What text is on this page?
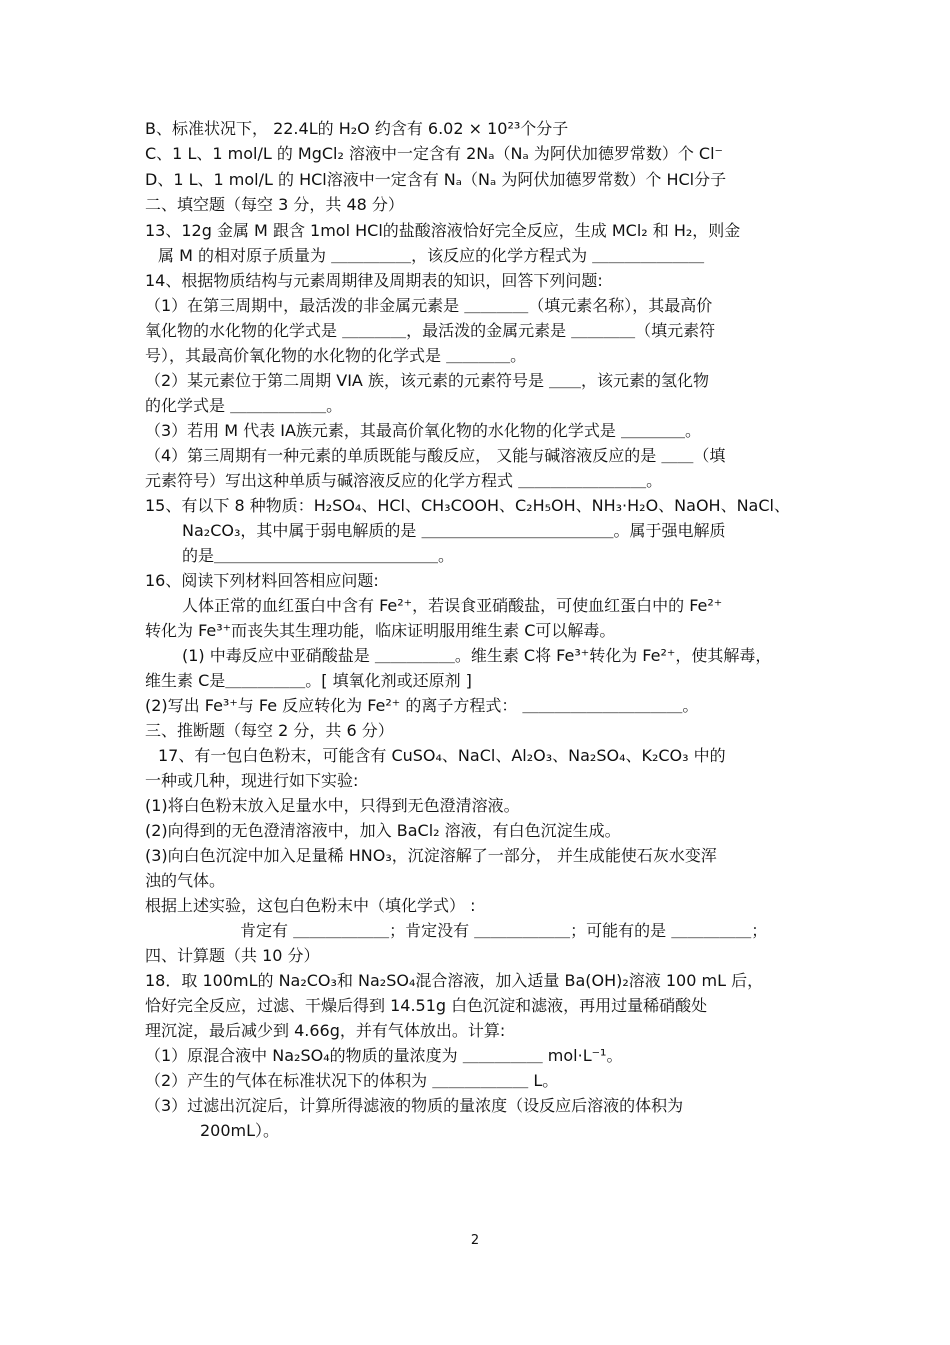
B、标准状况下， 22.4L的 H₂O 约含有 6.02 × 10²³个分子
C、1 L、1 mol/L 的 MgCl₂ 溶液中一定含有 2Nₐ（Nₐ 为阿伏加德罗常数）个 Cl⁻
D、1 L、1 mol/L 的 HCl溶液中一定含有 Nₐ（Nₐ 为阿伏加德罗常数）个 HCl分子
二、填空题（每空 3 分，共 48 分）
13、12g 金属 M 跟含 1mol HCl的盐酸溶液恰好完全反应，生成 MCl₂ 和 H₂，则金
属 M 的相对原子质量为 ＿＿＿＿＿，该反应的化学方程式为 ＿＿＿＿＿＿＿
14、根据物质结构与元素周期律及周期表的知识，回答下列问题:
（1）在第三周期中，最活泼的非金属元素是 ＿＿＿＿（填元素名称），其最高价
氧化物的水化物的化学式是 ＿＿＿＿，最活泼的金属元素是 ＿＿＿＿（填元素符
号），其最高价氧化物的水化物的化学式是 ＿＿＿＿。
（2）某元素位于第二周期 VIA 族，该元素的元素符号是 ＿＿，该元素的氢化物
的化学式是 ＿＿＿＿＿＿。
（3）若用 M 代表 IA族元素，其最高价氧化物的水化物的化学式是 ＿＿＿＿。
（4）第三周期有一种元素的单质既能与酸反应， 又能与碱溶液反应的是 ＿＿（填
元素符号）写出这种单质与碱溶液反应的化学方程式 ＿＿＿＿＿＿＿＿。
15、有以下 8 种物质：H₂SO₄、HCl、CH₃COOH、C₂H₅OH、NH₃·H₂O、NaOH、NaCl、
Na₂CO₃，其中属于弱电解质的是 ＿＿＿＿＿＿＿＿＿＿＿＿。属于强电解质
的是＿＿＿＿＿＿＿＿＿＿＿＿＿＿。
16、阅读下列材料回答相应问题:
人体正常的血红蛋白中含有 Fe²⁺，若误食亚硝酸盐，可使血红蛋白中的 Fe²⁺
转化为 Fe³⁺而丧失其生理功能，临床证明服用维生素 C可以解毒。
(1) 中毒反应中亚硝酸盐是 ＿＿＿＿＿。维生素 C将 Fe³⁺转化为 Fe²⁺，使其解毒，
维生素 C是＿＿＿＿＿。[ 填氧化剂或还原剂 ]
(2)写出 Fe³⁺与 Fe 反应转化为 Fe²⁺ 的离子方程式： ＿＿＿＿＿＿＿＿＿＿。
三、推断题（每空 2 分，共 6 分）
17、有一包白色粉末，可能含有 CuSO₄、NaCl、Al₂O₃、Na₂SO₄、K₂CO₃ 中的
一种或几种，现进行如下实验:
(1)将白色粉末放入足量水中，只得到无色澄清溶液。
(2)向得到的无色澄清溶液中，加入 BaCl₂ 溶液，有白色沉淀生成。
(3)向白色沉淀中加入足量稀 HNO₃，沉淀溶解了一部分， 并生成能使石灰水变浑
浊的气体。
根据上述实验，这包白色粉末中（填化学式） :
肯定有 ＿＿＿＿＿＿；肯定没有 ＿＿＿＿＿＿；可能有的是 ＿＿＿＿＿；
四、计算题（共 10 分）
18．取 100mL的 Na₂CO₃和 Na₂SO₄混合溶液，加入适量 Ba(OH)₂溶液 100 mL 后，
恰好完全反应，过滤、干燥后得到 14.51g 白色沉淀和滤液，再用过量稀硝酸处
理沉淀，最后减少到 4.66g，并有气体放出。计算:
（1）原混合液中 Na₂SO₄的物质的量浓度为 ＿＿＿＿＿ mol·L⁻¹。
（2）产生的气体在标准状况下的体积为 ＿＿＿＿＿＿ L。
（3）过滤出沉淀后，计算所得滤液的物质的量浓度（设反应后溶液的体积为
200mL）。
2
